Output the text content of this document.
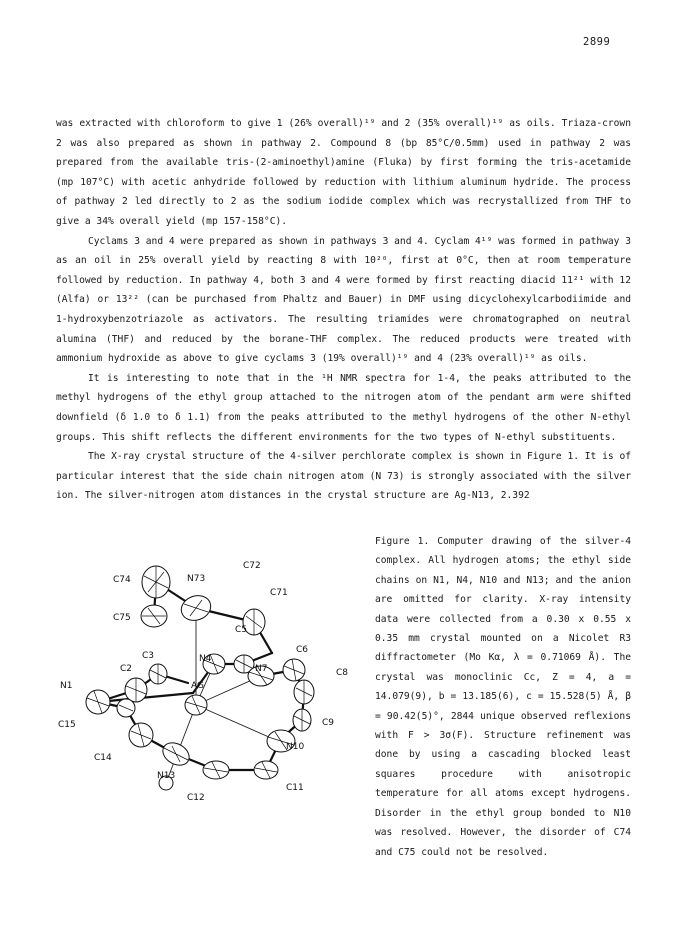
2899

was extracted with chloroform to give 1 (26% overall)¹⁹ and 2 (35% overall)¹⁹ as oils. Triaza-crown 2 was also prepared as shown in pathway 2. Compound 8 (bp 85°C/0.5mm) used in pathway 2 was prepared from the available tris-(2-aminoethyl)amine (Fluka) by first forming the tris-acetamide (mp 107°C) with acetic anhydride followed by reduction with lithium aluminum hydride. The process of pathway 2 led directly to 2 as the sodium iodide complex which was recrystallized from THF to give a 34% overall yield (mp 157-158°C).

Cyclams 3 and 4 were prepared as shown in pathways 3 and 4. Cyclam 4¹⁹ was formed in pathway 3 as an oil in 25% overall yield by reacting 8 with 10²⁰, first at 0°C, then at room temperature followed by reduction. In pathway 4, both 3 and 4 were formed by first reacting diacid 11²¹ with 12 (Alfa) or 13²² (can be purchased from Phaltz and Bauer) in DMF using dicyclohexylcarbodiimide and 1-hydroxybenzotriazole as activators. The resulting triamides were chromatographed on neutral alumina (THF) and reduced by the borane-THF complex. The reduced products were treated with ammonium hydroxide as above to give cyclams 3 (19% overall)¹⁹ and 4 (23% overall)¹⁹ as oils.

It is interesting to note that in the ¹H NMR spectra for 1-4, the peaks attributed to the methyl hydrogens of the ethyl group attached to the nitrogen atom of the pendant arm were shifted downfield (δ 1.0 to δ 1.1) from the peaks attributed to the methyl hydrogens of the other N-ethyl groups. This shift reflects the different environments for the two types of N-ethyl substituents.

The X-ray crystal structure of the 4-silver perchlorate complex is shown in Figure 1. It is of particular interest that the side chain nitrogen atom (N 73) is strongly associated with the silver ion. The silver-nitrogen atom distances in the crystal structure are Ag-N13, 2.392

C72
C74	N73
C71
C75
C5
C6
C3	N4
C2	N7	C8
N1	AG
C9
C15
N10
C14
N13
C11
C12
Figure 1. Computer drawing of the silver-4 complex. All hydrogen atoms; the ethyl side chains on N1, N4, N10 and N13; and the anion are omitted for clarity. X-ray intensity data were collected from a 0.30 x 0.55 x 0.35 mm crystal mounted on a Nicolet R3 diffractometer (Mo Kα, λ = 0.71069 Å). The crystal was monoclinic Cc, Z = 4, a = 14.079(9), b = 13.185(6), c = 15.528(5) Å, β = 90.42(5)°, 2844 unique observed reflexions with F > 3σ(F). Structure refinement was done by using a cascading blocked least squares procedure with anisotropic temperature for all atoms except hydrogens. Disorder in the ethyl group bonded to N10 was resolved. However, the disorder of C74 and C75 could not be resolved.
